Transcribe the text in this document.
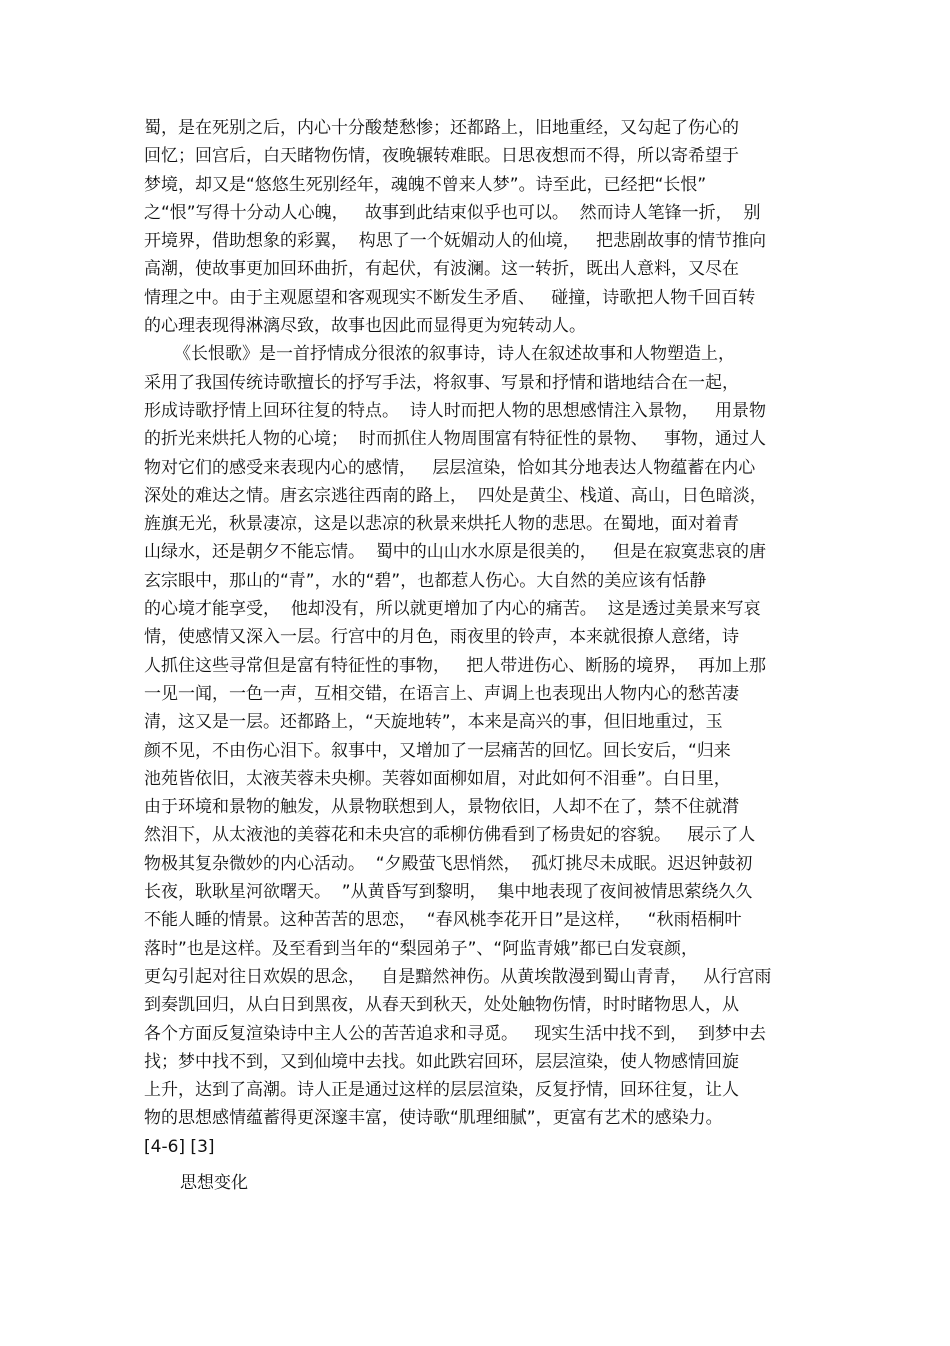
蜀，是在死别之后，内心十分酸楚愁惨；还都路上，旧地重经，又勾起了伤心的
回忆；回宫后，白天睹物伤情，夜晚辗转难眠。日思夜想而不得，所以寄希望于
梦境，却又是“悠悠生死别经年，魂魄不曾来人梦”。诗至此，已经把“长恨”
之“恨”写得十分动人心魄，   故事到此结束似乎也可以。  然而诗人笔锋一折，  别
开境界，借助想象的彩翼，  构思了一个妩媚动人的仙境，   把悲剧故事的情节推向
高潮，使故事更加回环曲折，有起伏，有波澜。这一转折，既出人意料，又尽在
情理之中。由于主观愿望和客观现实不断发生矛盾、   碰撞，诗歌把人物千回百转
的心理表现得淋漓尽致，故事也因此而显得更为宛转动人。
《长恨歌》是一首抒情成分很浓的叙事诗，诗人在叙述故事和人物塑造上，
采用了我国传统诗歌擅长的抒写手法，将叙事、写景和抒情和谐地结合在一起，
形成诗歌抒情上回环往复的特点。  诗人时而把人物的思想感情注入景物，   用景物
的折光来烘托人物的心境；  时而抓住人物周围富有特征性的景物、   事物，通过人
物对它们的感受来表现内心的感情，   层层渲染，恰如其分地表达人物蕴蓄在内心
深处的难达之情。唐玄宗逃往西南的路上，  四处是黄尘、栈道、高山，日色暗淡，
旌旗无光，秋景凄凉，这是以悲凉的秋景来烘托人物的悲思。在蜀地，面对着青
山绿水，还是朝夕不能忘情。  蜀中的山山水水原是很美的，   但是在寂寞悲哀的唐
玄宗眼中，那山的“青”，水的“碧”，也都惹人伤心。大自然的美应该有恬静
的心境才能享受，  他却没有，所以就更增加了内心的痛苦。  这是透过美景来写哀
情，使感情又深入一层。行宫中的月色，雨夜里的铃声，本来就很撩人意绪，诗
人抓住这些寻常但是富有特征性的事物，   把人带进伤心、断肠的境界，  再加上那
一见一闻，一色一声，互相交错，在语言上、声调上也表现出人物内心的愁苦凄
清，这又是一层。还都路上，“天旋地转”，本来是高兴的事，但旧地重过，玉
颜不见，不由伤心泪下。叙事中，又增加了一层痛苦的回忆。回长安后，“归来
池苑皆依旧，太液芙蓉未央柳。芙蓉如面柳如眉，对此如何不泪垂”。白日里，
由于环境和景物的触发，从景物联想到人，景物依旧，人却不在了，禁不住就潸
然泪下，从太液池的美蓉花和未央宫的乖柳仿佛看到了杨贵妃的容貌。   展示了人
物极其复杂微妙的内心活动。  “夕殿萤飞思悄然，  孤灯挑尽未成眠。迟迟钟鼓初
长夜，耿耿星河欲曙天。  ”从黄昏写到黎明，  集中地表现了夜间被情思萦绕久久
不能人睡的情景。这种苦苦的思恋，  “春风桃李花开日”是这样，   “秋雨梧桐叶
落时”也是这样。及至看到当年的“梨园弟子”、“阿监青娥”都已白发衰颜，
更勾引起对往日欢娱的思念，   自是黯然神伤。从黄埃散漫到蜀山青青，   从行宫雨
到奏凯回归，从白日到黑夜，从春天到秋天，处处触物伤情，时时睹物思人，从
各个方面反复渲染诗中主人公的苦苦追求和寻觅。   现实生活中找不到，  到梦中去
找；梦中找不到，又到仙境中去找。如此跌宕回环，层层渲染，使人物感情回旋
上升，达到了高潮。诗人正是通过这样的层层渲染，反复抒情，回环往复，让人
物的思想感情蕴蓄得更深邃丰富，使诗歌“肌理细腻”，更富有艺术的感染力。
[4-6] [3]
思想变化
